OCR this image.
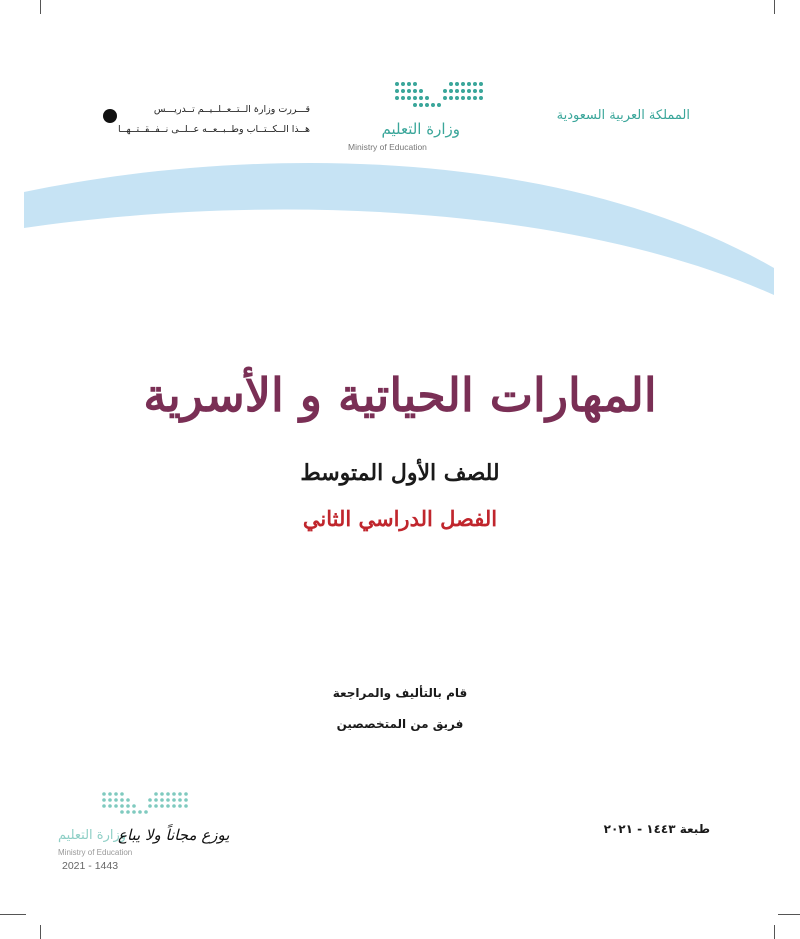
المملكة العربية السعودية
وزارة التعليم
Ministry of Education
قـــررت وزارة الــتــعــلــيــم تــدريـــس
هــذا الــكــتــاب وطــبــعــه عــلــى نــفــقــتــهــا
المهارات الحياتية و الأسرية
للصف الأول المتوسط
الفصل الدراسي الثاني
قام بالتأليف والمراجعة
فريق من المتخصصين
طبعة ١٤٤٣ - ٢٠٢١
وزارة التعليم
Ministry of Education
يوزع مجاناً ولا يباع
2021 - 1443
